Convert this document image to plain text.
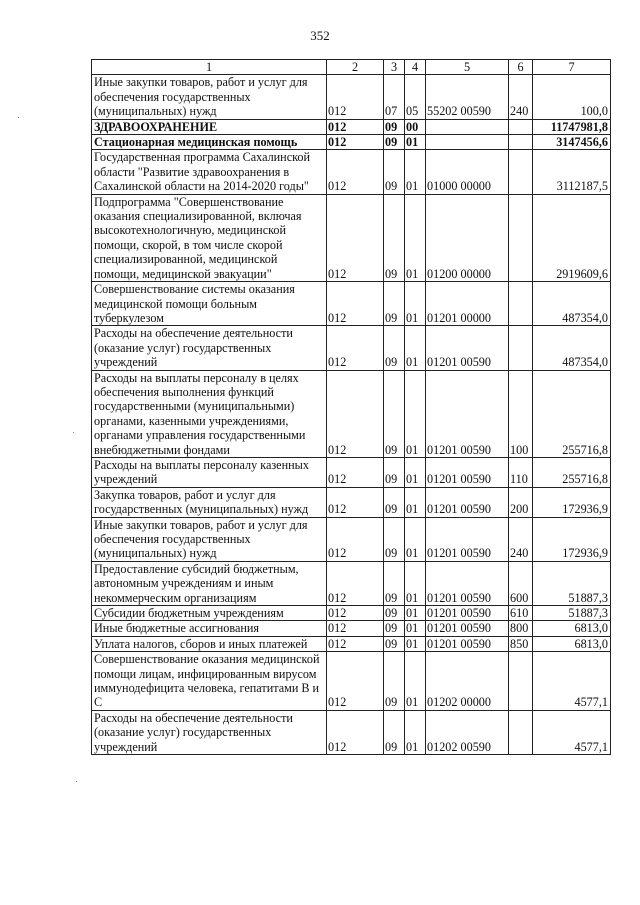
352
1	2	3	4	5	6	7
Иные закупки товаров, работ и услуг для обеспечения государственных (муниципальных) нужд	012	07	05	55202 00590	240	100,0
ЗДРАВООХРАНЕНИЕ	012	09	00			11747981,8
Стационарная медицинская помощь	012	09	01			3147456,6
Государственная программа Сахалинской области "Развитие здравоохранения в Сахалинской области на 2014-2020 годы"	012	09	01	01000 00000		3112187,5
Подпрограмма "Совершенствование оказания специализированной, включая высокотехнологичную, медицинской помощи, скорой, в том числе скорой специализированной, медицинской помощи, медицинской эвакуации"	012	09	01	01200 00000		2919609,6
Совершенствование системы оказания медицинской помощи больным туберкулезом	012	09	01	01201 00000		487354,0
Расходы на обеспечение деятельности (оказание услуг) государственных учреждений	012	09	01	01201 00590		487354,0
Расходы на выплаты персоналу в целях обеспечения выполнения функций государственными (муниципальными) органами, казенными учреждениями, органами управления государственными внебюджетными фондами	012	09	01	01201 00590	100	255716,8
Расходы на выплаты персоналу казенных учреждений	012	09	01	01201 00590	110	255716,8
Закупка товаров, работ и услуг для государственных (муниципальных) нужд	012	09	01	01201 00590	200	172936,9
Иные закупки товаров, работ и услуг для обеспечения государственных (муниципальных) нужд	012	09	01	01201 00590	240	172936,9
Предоставление субсидий бюджетным, автономным учреждениям и иным некоммерческим организациям	012	09	01	01201 00590	600	51887,3
Субсидии бюджетным учреждениям	012	09	01	01201 00590	610	51887,3
Иные бюджетные ассигнования	012	09	01	01201 00590	800	6813,0
Уплата налогов, сборов и иных платежей	012	09	01	01201 00590	850	6813,0
Совершенствование оказания медицинской помощи лицам, инфицированным вирусом иммунодефицита человека, гепатитами В и С	012	09	01	01202 00000		4577,1
Расходы на обеспечение деятельности (оказание услуг) государственных учреждений	012	09	01	01202 00590		4577,1
